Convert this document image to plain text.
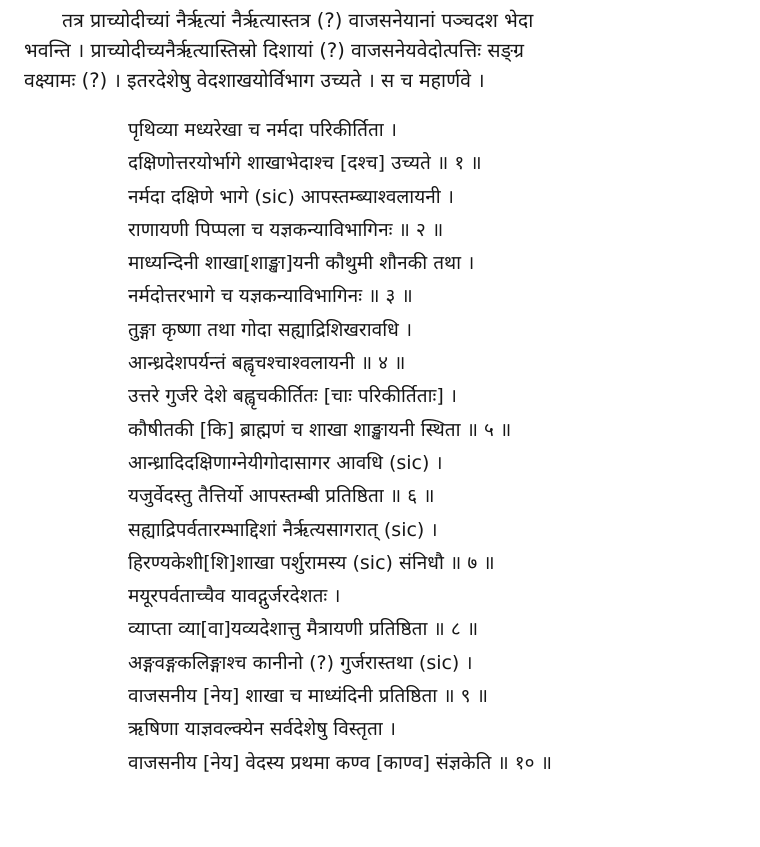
तत्र प्राच्योदीच्यां नैर्ऋत्यां नैर्ऋत्यास्तत्र (?) वाजसनेयानां पञ्चदश भेदा
भवन्ति । प्राच्योदीच्यनैर्ऋत्यास्तिस्रो दिशायां (?) वाजसनेयवेदोत्पत्तिः सङ्ग्र
वक्ष्यामः (?) । इतरदेशेषु वेदशाखयोर्विभाग उच्यते । स च महार्णवे ।
पृथिव्या मध्यरेखा च नर्मदा परिकीर्तिता ।
दक्षिणोत्तरयोर्भागे शाखाभेदाश्च [दश्च] उच्यते ॥ १ ॥
नर्मदा दक्षिणे भागे (sic) आपस्तम्ब्याश्वलायनी ।
राणायणी पिप्पला च यज्ञकन्याविभागिनः ॥ २ ॥
माध्यन्दिनी शाखा[शाङ्खा]यनी कौथुमी शौनकी तथा ।
नर्मदोत्तरभागे च यज्ञकन्याविभागिनः ॥ ३ ॥
तुङ्गा कृष्णा तथा गोदा सह्याद्रिशिखरावधि ।
आन्ध्रदेशपर्यन्तं बह्वृचश्चाश्वलायनी ॥ ४ ॥
उत्तरे गुर्जरे देशे बह्वृचकीर्तितः [चाः परिकीर्तिताः] ।
कौषीतकी [कि] ब्राह्मणं च शाखा शाङ्खायनी स्थिता ॥ ५ ॥
आन्ध्रादिदक्षिणाग्नेयीगोदासागर आवधि (sic) ।
यजुर्वेदस्तु तैत्तिर्यो आपस्तम्बी प्रतिष्ठिता ॥ ६ ॥
सह्याद्रिपर्वतारम्भाद्दिशां नैर्ऋत्यसागरात् (sic) ।
हिरण्यकेशी[शि]शाखा पर्शुरामस्य (sic) संनिधौ ॥ ७ ॥
मयूरपर्वताच्चैव यावद्गुर्जरदेशतः ।
व्याप्ता व्या[वा]यव्यदेशात्तु मैत्रायणी प्रतिष्ठिता ॥ ८ ॥
अङ्गवङ्गकलिङ्गाश्च कानीनो (?) गुर्जरास्तथा (sic) ।
वाजसनीय [नेय] शाखा च माध्यंदिनी प्रतिष्ठिता ॥ ९ ॥
ऋषिणा याज्ञवल्क्येन सर्वदेशेषु विस्तृता ।
वाजसनीय [नेय] वेदस्य प्रथमा कण्व [काण्व] संज्ञकेति ॥ १० ॥
